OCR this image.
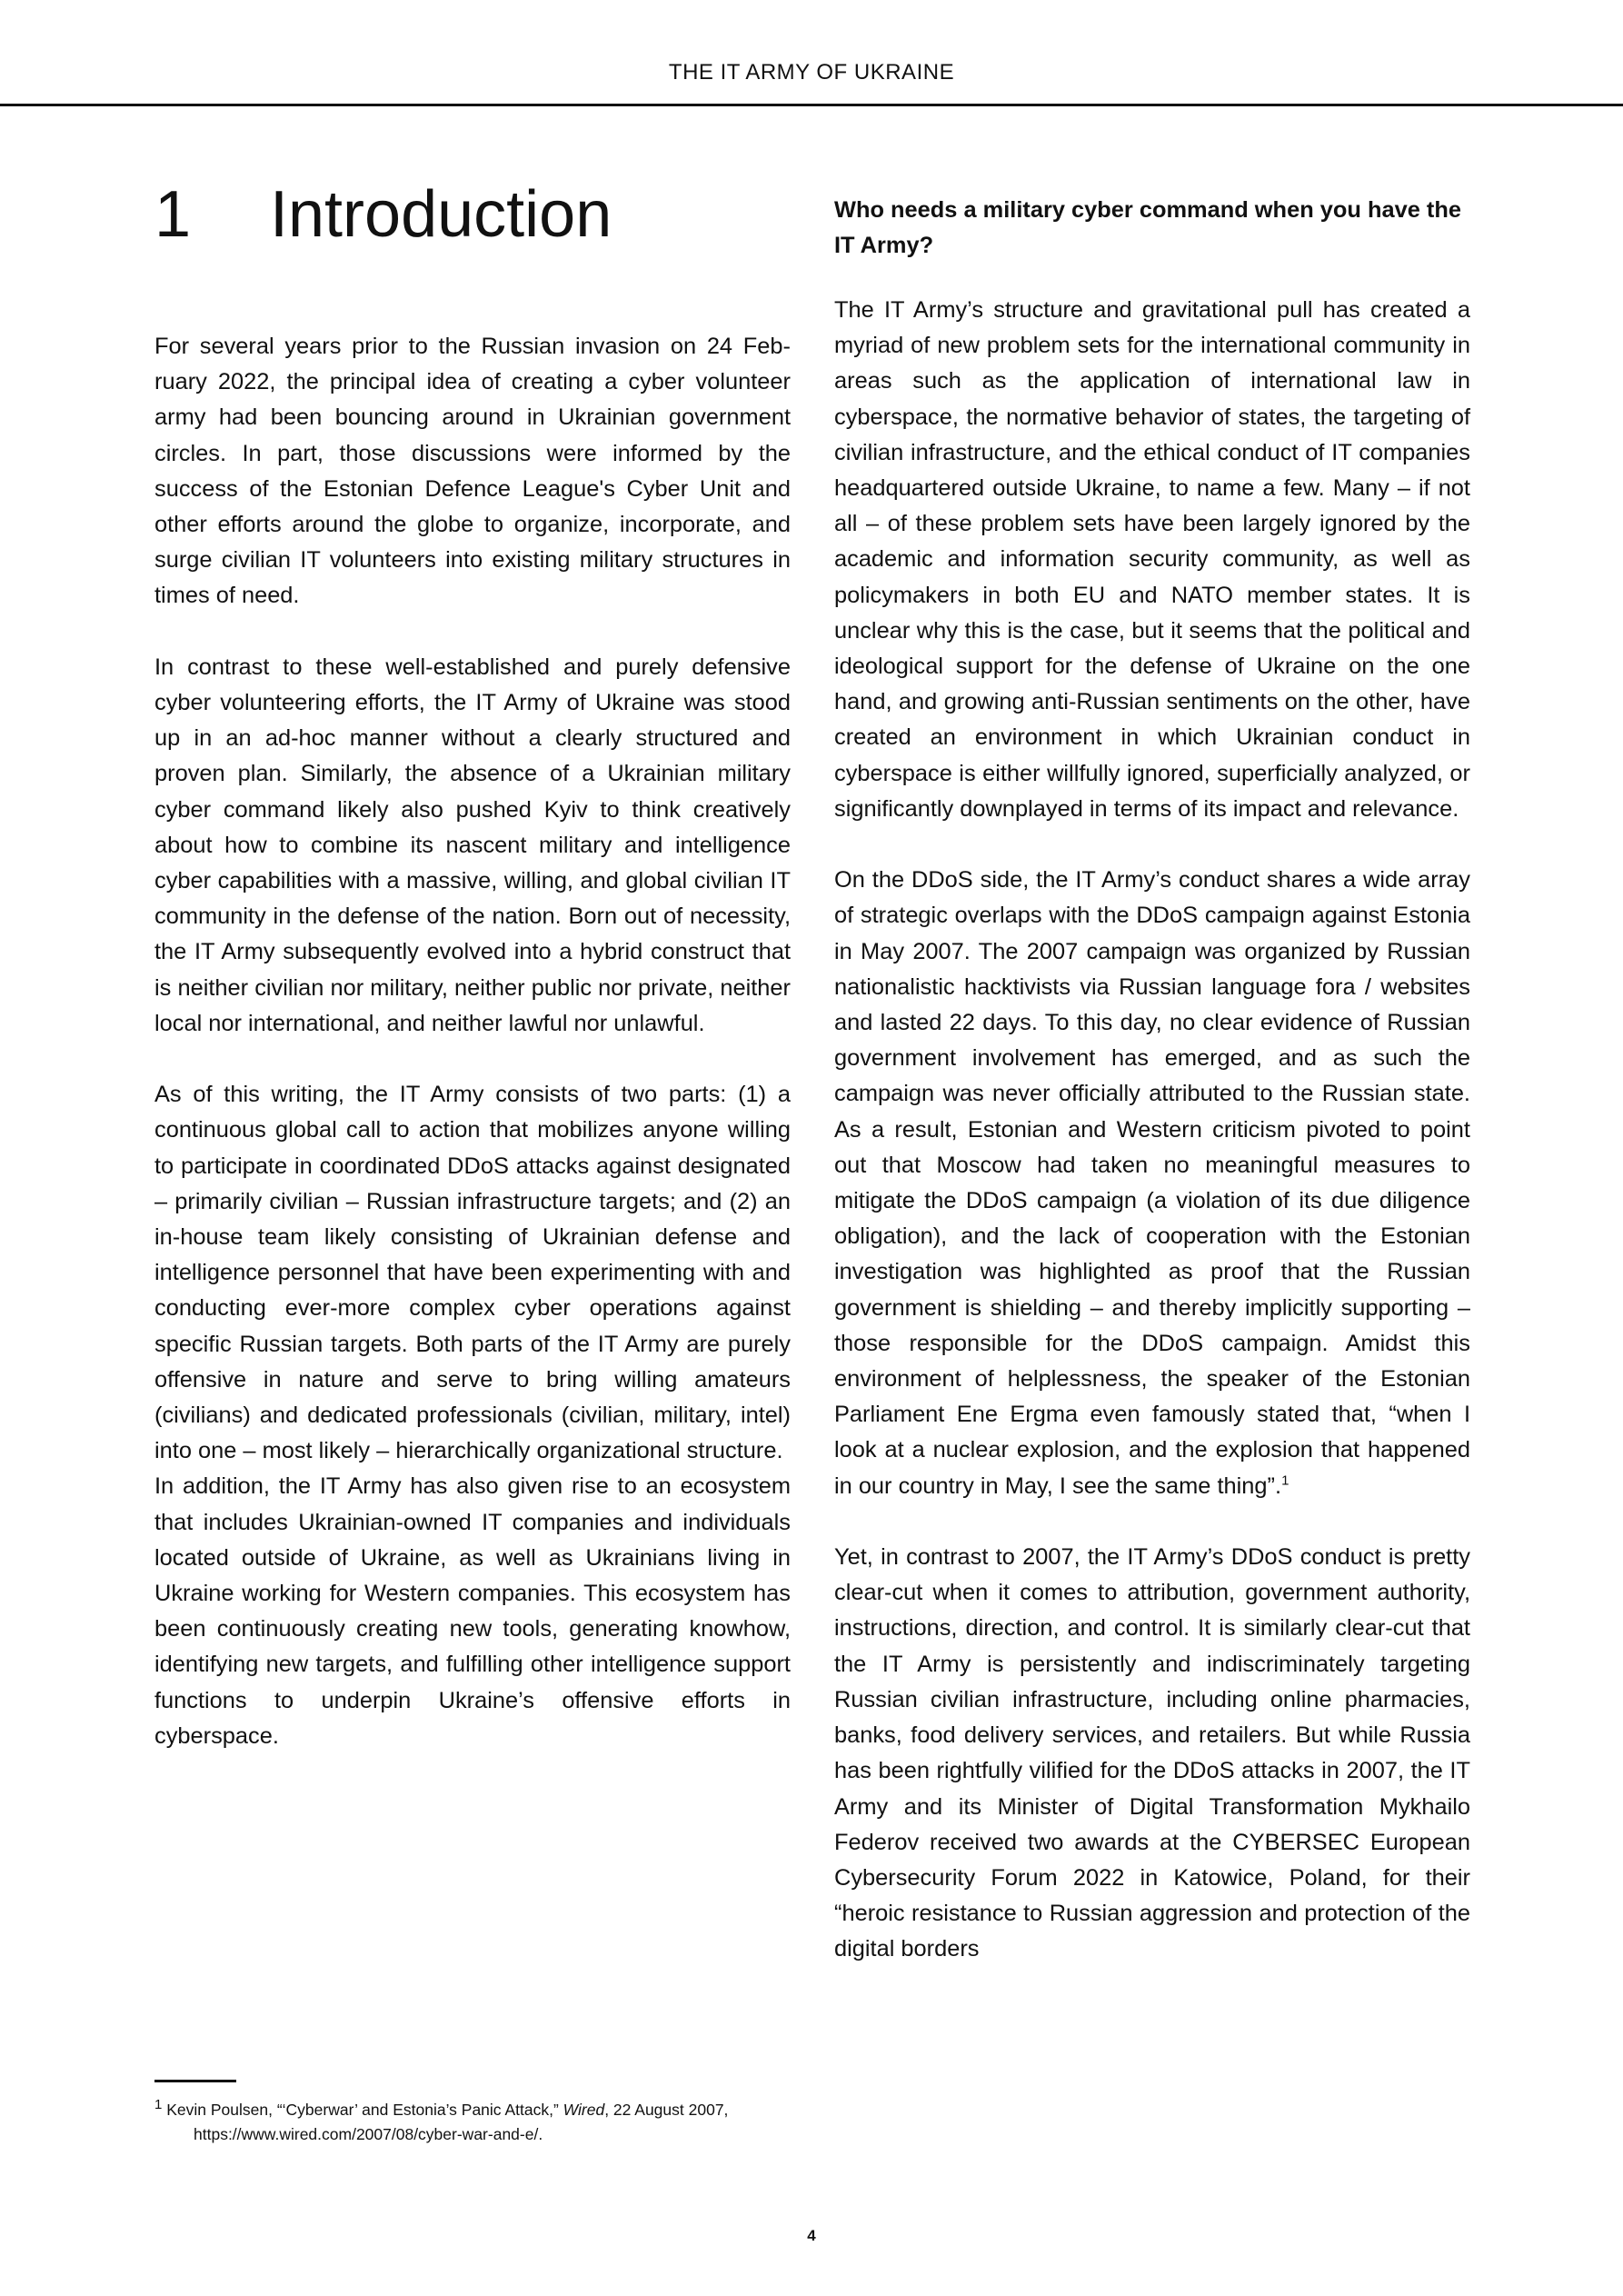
THE IT ARMY OF UKRAINE
1 Introduction

For several years prior to the Russian invasion on 24 February 2022, the principal idea of creating a cyber volunteer army had been bouncing around in Ukrainian government circles. In part, those discussions were informed by the success of the Estonian Defence League's Cyber Unit and other efforts around the globe to organize, incorporate, and surge civilian IT volunteers into existing military structures in times of need.

In contrast to these well-established and purely defensive cyber volunteering efforts, the IT Army of Ukraine was stood up in an ad-hoc manner without a clearly structured and proven plan. Similarly, the absence of a Ukrainian military cyber command likely also pushed Kyiv to think creatively about how to combine its nascent military and intelligence cyber capabilities with a massive, willing, and global civilian IT community in the defense of the nation. Born out of necessity, the IT Army subsequently evolved into a hybrid construct that is neither civilian nor military, neither public nor private, neither local nor international, and neither lawful nor unlawful.

As of this writing, the IT Army consists of two parts: (1) a continuous global call to action that mobilizes anyone willing to participate in coordinated DDoS attacks against designated – primarily civilian – Russian infrastructure targets; and (2) an in-house team likely consisting of Ukrainian defense and intelligence personnel that have been experimenting with and conducting ever-more complex cyber operations against specific Russian targets. Both parts of the IT Army are purely offensive in nature and serve to bring willing amateurs (civilians) and dedicated professionals (civilian, military, intel) into one – most likely – hierarchically organizational structure.

In addition, the IT Army has also given rise to an ecosystem that includes Ukrainian-owned IT companies and individuals located outside of Ukraine, as well as Ukrainians living in Ukraine working for Western companies. This ecosystem has been continuously creating new tools, generating knowhow, identifying new targets, and fulfilling other intelligence support functions to underpin Ukraine’s offensive efforts in cyberspace.

Who needs a military cyber command when you have the IT Army?

The IT Army’s structure and gravitational pull has created a myriad of new problem sets for the international community in areas such as the application of international law in cyberspace, the normative behavior of states, the targeting of civilian infrastructure, and the ethical conduct of IT companies headquartered outside Ukraine, to name a few. Many – if not all – of these problem sets have been largely ignored by the academic and information security community, as well as policymakers in both EU and NATO member states. It is unclear why this is the case, but it seems that the political and ideological support for the defense of Ukraine on the one hand, and growing anti-Russian sentiments on the other, have created an environment in which Ukrainian conduct in cyberspace is either willfully ignored, superficially analyzed, or significantly downplayed in terms of its impact and relevance.

On the DDoS side, the IT Army’s conduct shares a wide array of strategic overlaps with the DDoS campaign against Estonia in May 2007. The 2007 campaign was organized by Russian nationalistic hacktivists via Russian language fora / websites and lasted 22 days. To this day, no clear evidence of Russian government involvement has emerged, and as such the campaign was never officially attributed to the Russian state. As a result, Estonian and Western criticism pivoted to point out that Moscow had taken no meaningful measures to mitigate the DDoS campaign (a violation of its due diligence obligation), and the lack of cooperation with the Estonian investigation was highlighted as proof that the Russian government is shielding – and thereby implicitly supporting – those responsible for the DDoS campaign. Amidst this environment of helplessness, the speaker of the Estonian Parliament Ene Ergma even famously stated that, “when I look at a nuclear explosion, and the explosion that happened in our country in May, I see the same thing”.$^1$

Yet, in contrast to 2007, the IT Army’s DDoS conduct is pretty clear-cut when it comes to attribution, government authority, instructions, direction, and control. It is similarly clear-cut that the IT Army is persistently and indiscriminately targeting Russian civilian infrastructure, including online pharmacies, banks, food delivery services, and retailers. But while Russia has been rightfully vilified for the DDoS attacks in 2007, the IT Army and its Minister of Digital Transformation Mykhailo Federov received two awards at the CYBERSEC European Cybersecurity Forum 2022 in Katowice, Poland, for their “heroic resistance to Russian aggression and protection of the digital borders

$^1$ Kevin Poulsen, “‘Cyberwar’ and Estonia’s Panic Attack,” Wired, 22 August 2007,
https://www.wired.com/2007/08/cyber-war-and-e/.
4
